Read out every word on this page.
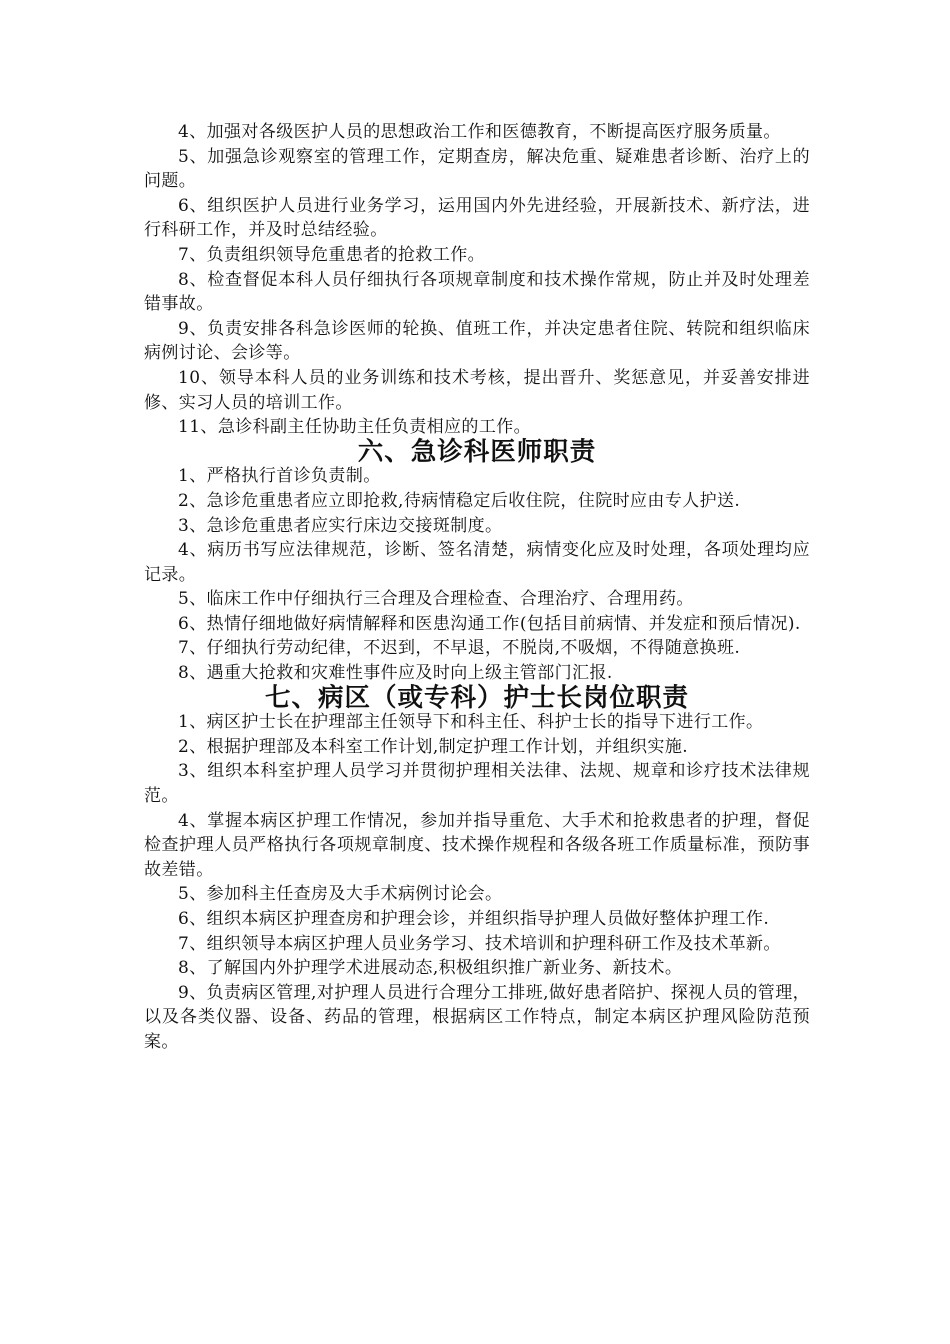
4、加强对各级医护人员的思想政治工作和医德教育，不断提高医疗服务质量。

5、加强急诊观察室的管理工作，定期查房，解决危重、疑难患者诊断、治疗上的问题。

6、组织医护人员进行业务学习，运用国内外先进经验，开展新技术、新疗法，进行科研工作，并及时总结经验。

7、负责组织领导危重患者的抢救工作。

8、检查督促本科人员仔细执行各项规章制度和技术操作常规，防止并及时处理差错事故。

9、负责安排各科急诊医师的轮换、值班工作，并决定患者住院、转院和组织临床病例讨论、会诊等。

10、领导本科人员的业务训练和技术考核，提出晋升、奖惩意见，并妥善安排进修、实习人员的培训工作。

11、急诊科副主任协助主任负责相应的工作。

六、急诊科医师职责

1、严格执行首诊负责制。

2、急诊危重患者应立即抢救,待病情稳定后收住院，住院时应由专人护送.

3、急诊危重患者应实行床边交接斑制度。

4、病历书写应法律规范，诊断、签名清楚，病情变化应及时处理，各项处理均应记录。

5、临床工作中仔细执行三合理及合理检查、合理治疗、合理用药。

6、热情仔细地做好病情解释和医患沟通工作(包括目前病情、并发症和预后情况).

7、仔细执行劳动纪律，不迟到，不早退，不脱岗,不吸烟，不得随意换班.

8、遇重大抢救和灾难性事件应及时向上级主管部门汇报.

七、病区（或专科）护士长岗位职责

1、病区护士长在护理部主任领导下和科主任、科护士长的指导下进行工作。

2、根据护理部及本科室工作计划,制定护理工作计划，并组织实施.

3、组织本科室护理人员学习并贯彻护理相关法律、法规、规章和诊疗技术法律规范。

4、掌握本病区护理工作情况，参加并指导重危、大手术和抢救患者的护理，督促检查护理人员严格执行各项规章制度、技术操作规程和各级各班工作质量标准，预防事故差错。

5、参加科主任查房及大手术病例讨论会。

6、组织本病区护理查房和护理会诊，并组织指导护理人员做好整体护理工作.

7、组织领导本病区护理人员业务学习、技术培训和护理科研工作及技术革新。

8、了解国内外护理学术进展动态,积极组织推广新业务、新技术。

9、负责病区管理,对护理人员进行合理分工排班,做好患者陪护、探视人员的管理，以及各类仪器、设备、药品的管理，根据病区工作特点，制定本病区护理风险防范预案。
